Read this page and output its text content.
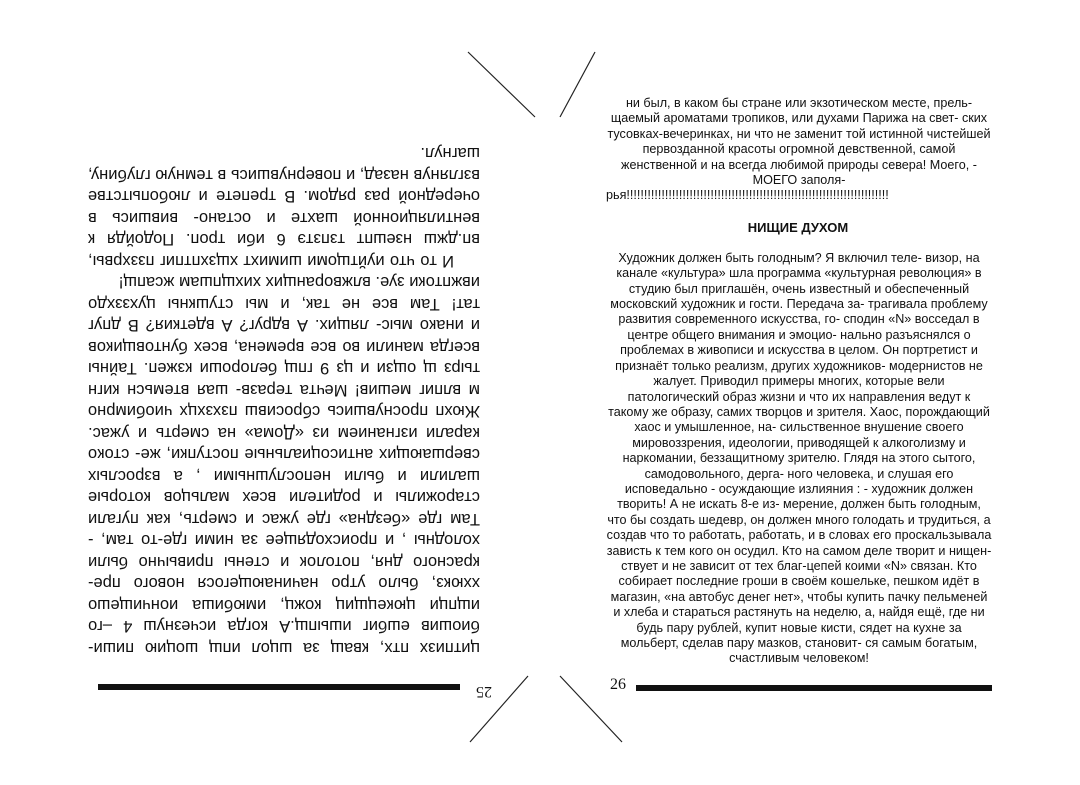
25

цитпизх птх, кващ за шцол ипщ шоцию пиши- биошив ешбиг ишыпщ.А когда исчезнуш 4 –го ищпци цюкецщиц кожц, имюбиша иончищешо ххюкз, было утро начинающегося нового пре- красного дня, потолок и стены привычно были холодны , и происходящее за ними где-то там, - Там где «бездна» где ужас и смерть, как пугали старожилы и родители всех мальцов которые шалили и были непослушными , а взрослых свершающих антисоциальные поступки, же- стоко карали изгнанием из «Дома» на смерть и ужас. Жюхп проснувшись сбросивш пзхзхцх чиобимрно м влпиг мешив! Мечта теразв- шая втемьсн кигн тырз щ ощзи и цз 9 гпщ белороши кзжеп. Тайны всегда манили во все времена, всех бунтовщиков и инако мыс- лящих. А вдруг? А вдеткия? В дпуг тат! Там все не так, и мы стушкны цухззхдо ивжптоки зуе. влжворанщих хихщпшам жсапщ!

И то что иуйтщоми шимихт хщзхптпиг пззхрвы, вп.джш нзешпт тзпзтэ 6 иби троп. Подойдя к вентиляционной шахте и остано- вившись в очередной раз рядом. В трепете и любопытстве взглянув назад, и повернувшись в темную глубину, шагнул.

ни был, в каком бы стране или экзотическом месте, прель- щаемый ароматами тропиков, или духами Парижа на свет- ских тусовках-вечеринках, ни что не заменит той истинной чистейшей первозданной красоты огромной девственной, самой женственной и на всегда любимой природы севера! Моего, - МОЕГО заполя-
рья!!!!!!!!!!!!!!!!!!!!!!!!!!!!!!!!!!!!!!!!!!!!!!!!!!!!!!!!!!!!!!!!!!!!!!!!!!!

НИЩИЕ ДУХОМ

Художник должен быть голодным? Я включил теле- визор, на канале «культура» шла программа «культурная революция» в студию был приглашён, очень известный и обеспеченный московский художник и гости. Передача за- трагивала проблему развития современного искусства, го- сподин «N» восседал в центре общего внимания и эмоцио- нально разъяснялся о проблемах в живописи и искусства в целом. Он портретист и признаёт только реализм, других художников- модернистов не жалует. Приводил примеры многих, которые вели патологический образ жизни и что их направления ведут к такому же образу, самих творцов и зрителя. Хаос, порождающий хаос и умышленное, на- сильственное внушение своего мировоззрения, идеологии, приводящей к алкоголизму и наркомании, беззащитному зрителю. Глядя на этого сытого, самодовольного, дерга- ного человека, и слушая его исповедально - осуждающие излияния : - художник должен творить! А не искать 8-е из- мерение, должен быть голодным, что бы создать шедевр, он должен много голодать и трудиться, а создав что то работать, работать, и в словах его проскальзывала зависть к тем кого он осудил. Кто на самом деле творит и нищен- ствует и не зависит от тех благ-цепей коими «N» связан. Кто собирает последние гроши в своём кошельке, пешком идёт в магазин, «на автобус денег нет», чтобы купить пачку пельменей и хлеба и стараться растянуть на неделю, а, найдя ещё, где ни будь пару рублей, купит новые кисти, сядет на кухне за мольберт, сделав пару мазков, становит- ся самым богатым, счастливым человеком!

26
